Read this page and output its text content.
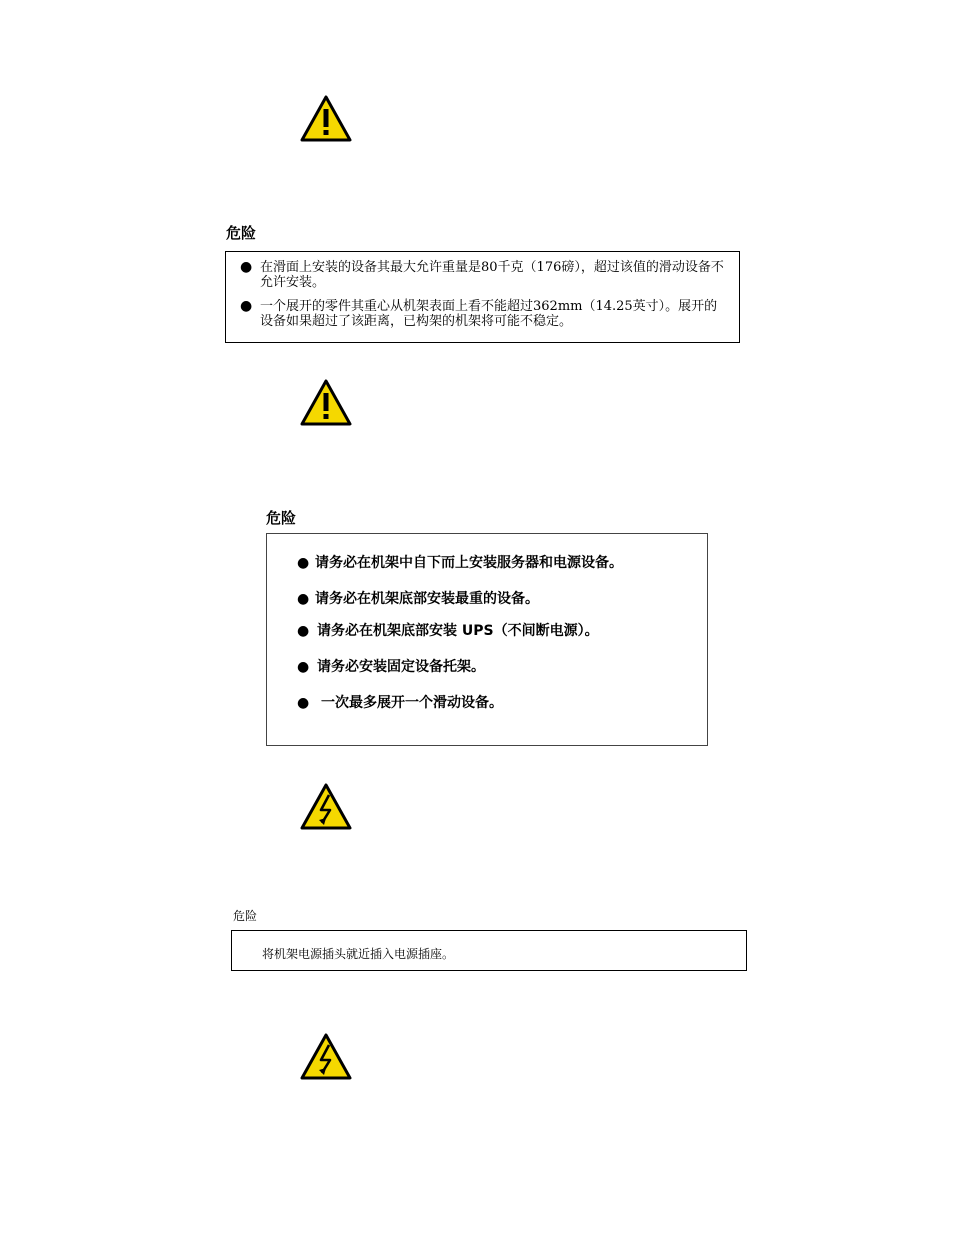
危险

● 在滑面上安装的设备其最大允许重量是80千克（176磅），超过该值的滑动设备不允许安装。
● 一个展开的零件其重心从机架表面上看不能超过362mm（14.25英寸）。展开的设备如果超过了该距离，已构架的机架将可能不稳定。

危险

● 请务必在机架中自下而上安装服务器和电源设备。
● 请务必在机架底部安装最重的设备。
● 请务必在机架底部安装 UPS（不间断电源）。
● 请务必安装固定设备托架。
● 一次最多展开一个滑动设备。

危险

将机架电源插头就近插入电源插座。
